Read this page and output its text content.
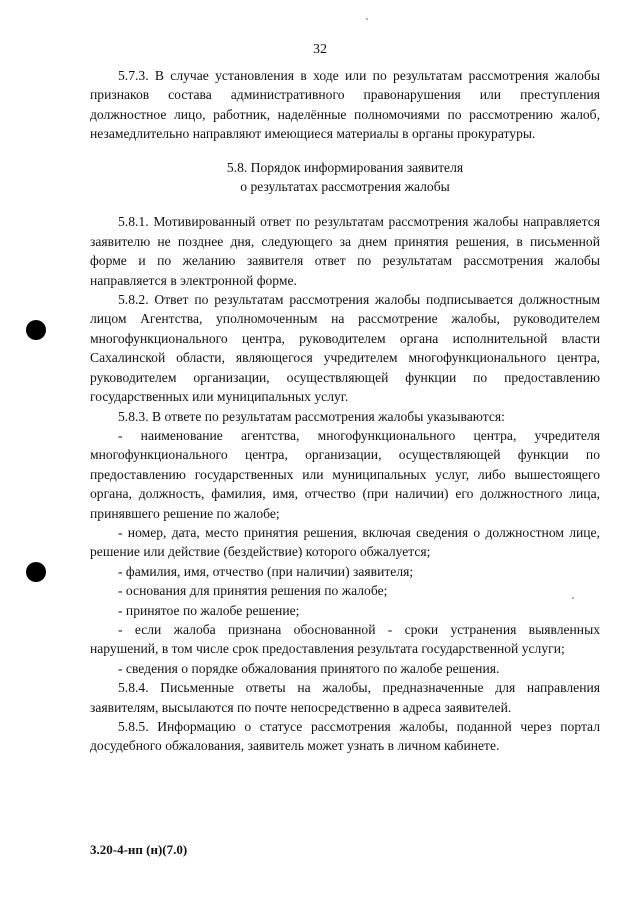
32

5.7.3. В случае установления в ходе или по результатам рассмотрения жалобы признаков состава административного правонарушения или преступления должностное лицо, работник, наделённые полномочиями по рассмотрению жалоб, незамедлительно направляют имеющиеся материалы в органы прокуратуры.

5.8. Порядок информирования заявителя
о результатах рассмотрения жалобы

5.8.1. Мотивированный ответ по результатам рассмотрения жалобы направляется заявителю не позднее дня, следующего за днем принятия решения, в письменной форме и по желанию заявителя ответ по результатам рассмотрения жалобы направляется в электронной форме.

5.8.2. Ответ по результатам рассмотрения жалобы подписывается должностным лицом Агентства, уполномоченным на рассмотрение жалобы, руководителем многофункционального центра, руководителем органа исполнительной власти Сахалинской области, являющегося учредителем многофункционального центра, руководителем организации, осуществляющей функции по предоставлению государственных или муниципальных услуг.

5.8.3. В ответе по результатам рассмотрения жалобы указываются:

- наименование агентства, многофункционального центра, учредителя многофункционального центра, организации, осуществляющей функции по предоставлению государственных или муниципальных услуг, либо вышестоящего органа, должность, фамилия, имя, отчество (при наличии) его должностного лица, принявшего решение по жалобе;

- номер, дата, место принятия решения, включая сведения о должностном лице, решение или действие (бездействие) которого обжалуется;

- фамилия, имя, отчество (при наличии) заявителя;

- основания для принятия решения по жалобе;

- принятое по жалобе решение;

- если жалоба признана обоснованной - сроки устранения выявленных нарушений, в том числе срок предоставления результата государственной услуги;

- сведения о порядке обжалования принятого по жалобе решения.

5.8.4. Письменные ответы на жалобы, предназначенные для направления заявителям, высылаются по почте непосредственно в адреса заявителей.

5.8.5. Информацию о статусе рассмотрения жалобы, поданной через портал досудебного обжалования, заявитель может узнать в личном кабинете.

3.20-4-нп (н)(7.0)
